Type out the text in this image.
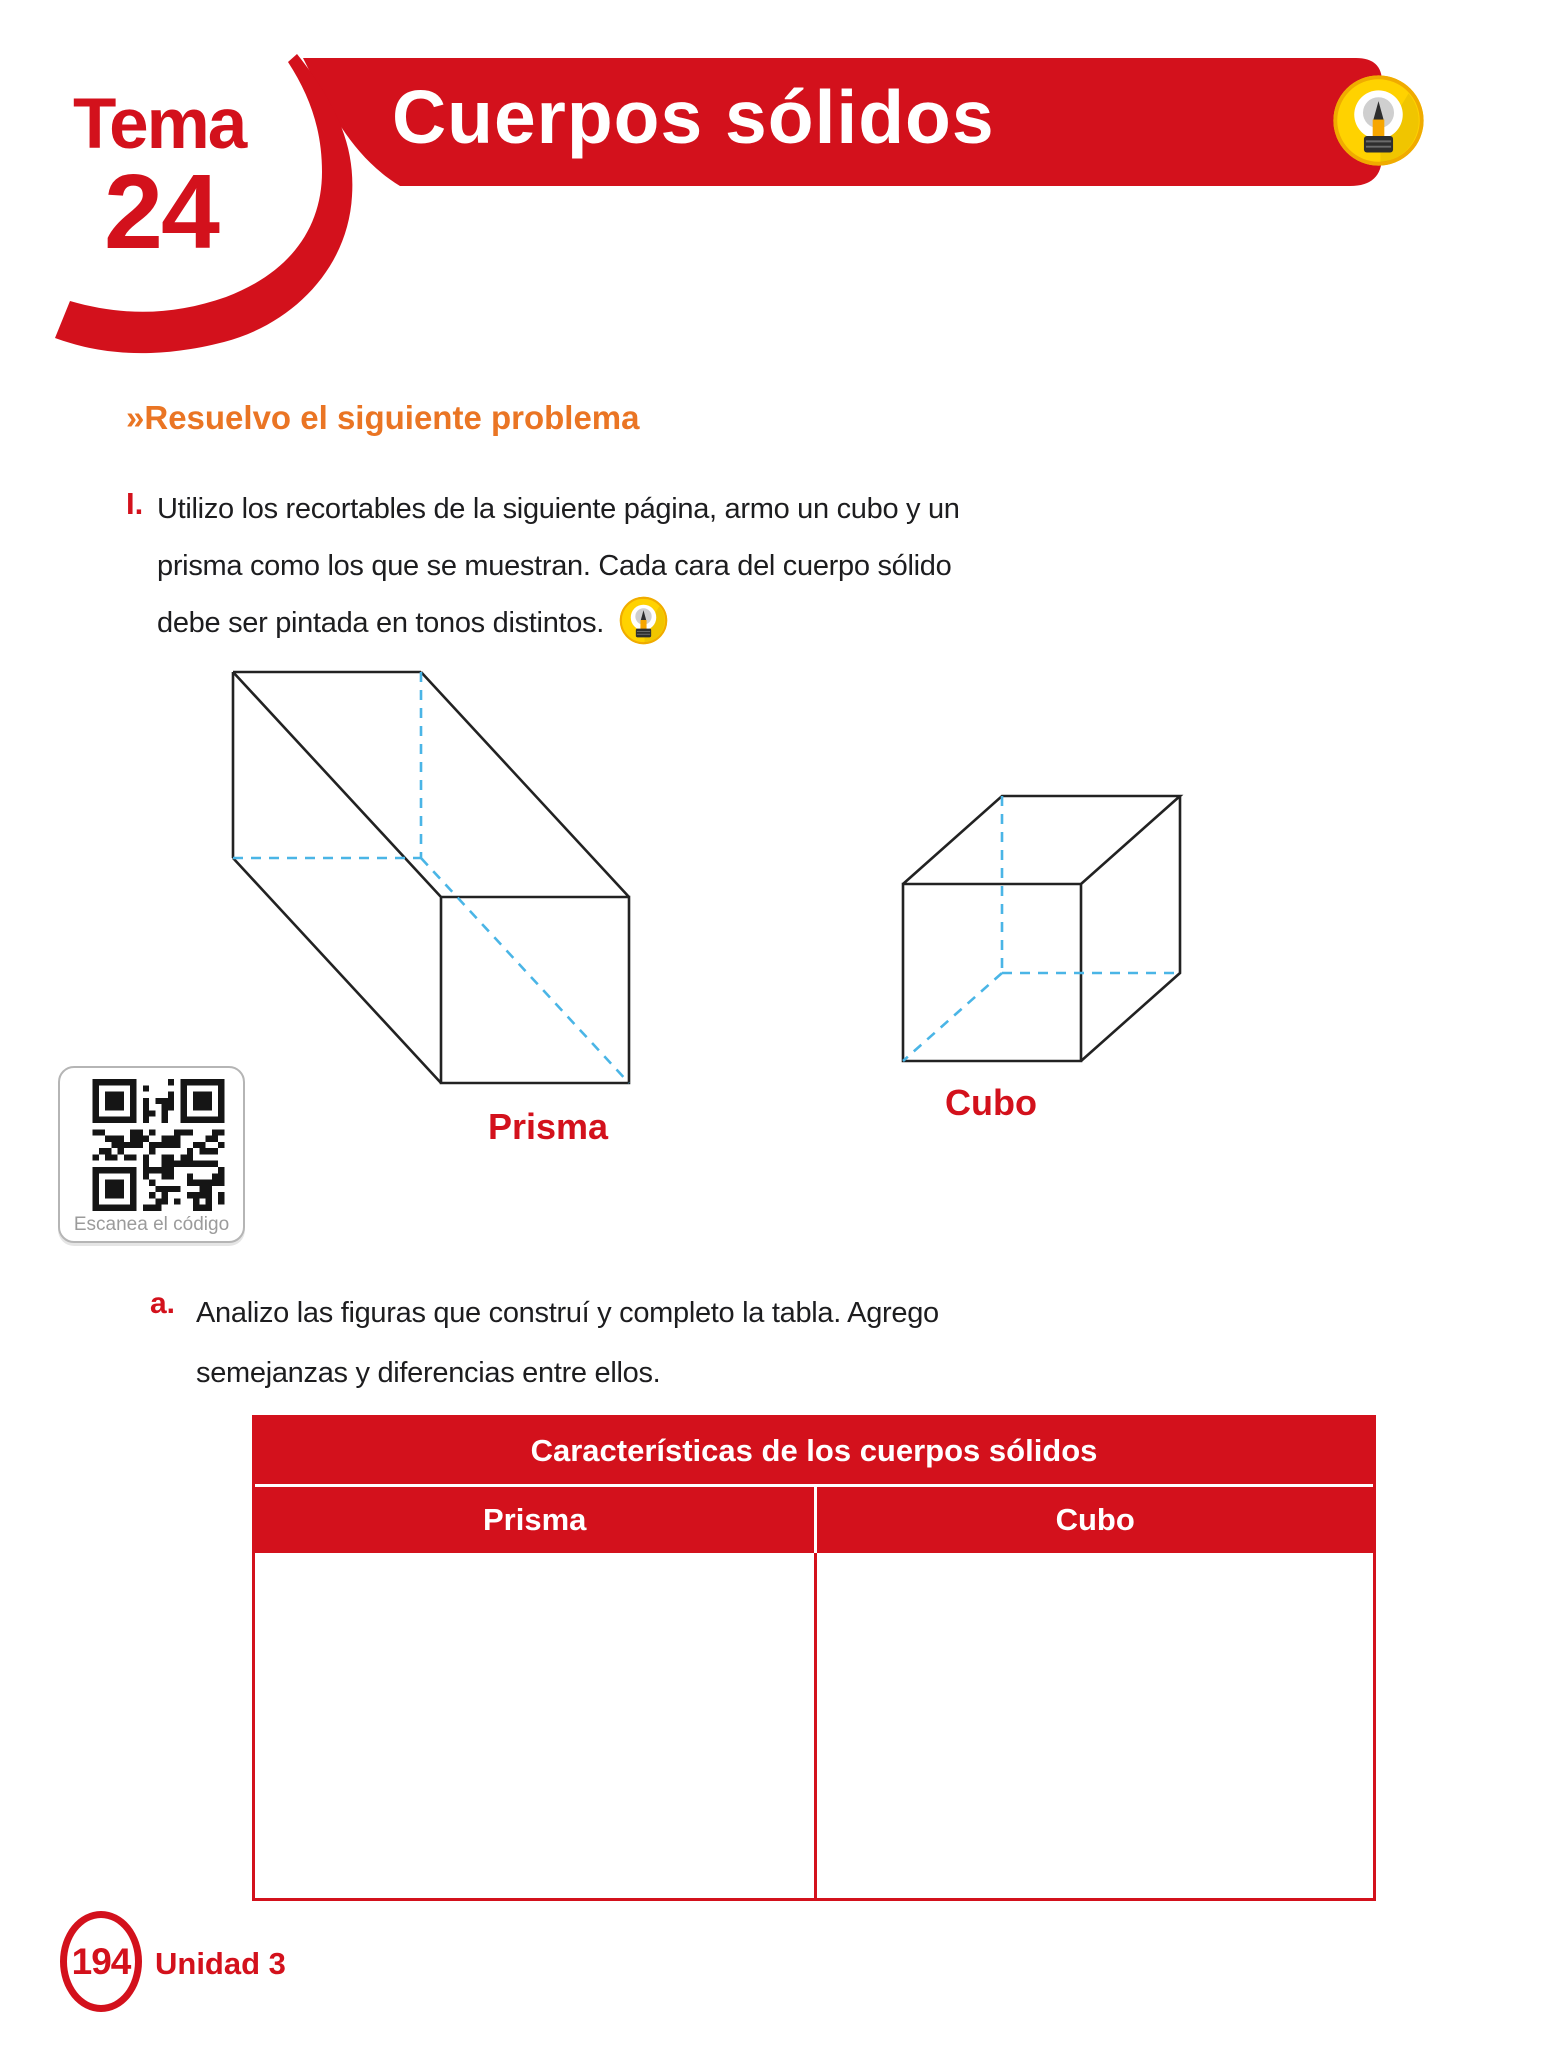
Tema
24
Cuerpos sólidos
»Resuelvo el siguiente problema
I. Utilizo los recortables de la siguiente página, armo un cubo y un
prisma como los que se muestran. Cada cara del cuerpo sólido
debe ser pintada en tonos distintos.
Prisma
Cubo
Escanea el código
a. Analizo las figuras que construí y completo la tabla. Agrego
semejanzas y diferencias entre ellos.
Características de los cuerpos sólidos
Prisma	Cubo
194 Unidad 3
